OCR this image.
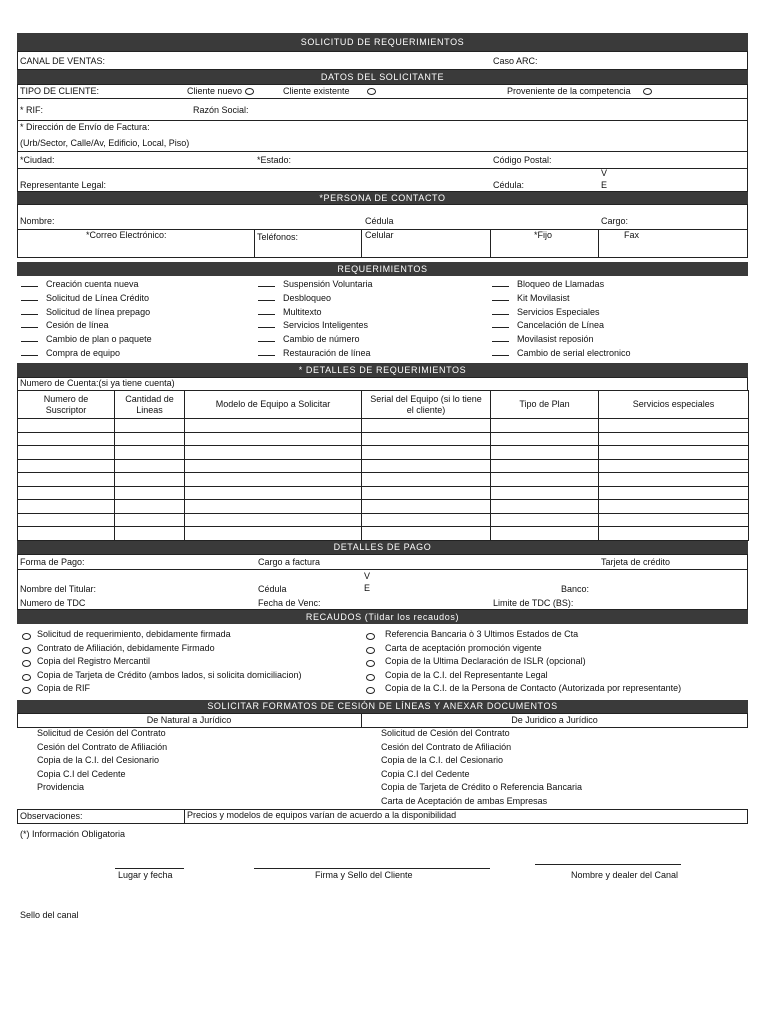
SOLICITUD DE REQUERIMIENTOS
CANAL DE VENTAS:	Caso ARC:
DATOS DEL SOLICITANTE
TIPO DE CLIENTE:	Cliente nuevo	Cliente existente	Proveniente de la competencia
* RIF:	Razón Social:
* Dirección de Envío de Factura:
(Urb/Sector, Calle/Av, Edificio, Local, Piso)
*Ciudad:	*Estado:	Código Postal:
Representante Legal:	Cédula:
V
E
*PERSONA DE CONTACTO
Nombre:	Cédula	Cargo:
*Correo Electrónico:	Teléfonos:	Celular	*Fijo	Fax
REQUERIMIENTOS
Creación cuenta nueva
Solicitud de Línea Crédito
Solicitud de línea prepago
Cesión de línea
Cambio de plan o paquete
Compra de equipo
Suspensión Voluntaria
Desbloqueo
Multitexto
Servicios Inteligentes
Cambio de número
Restauración de línea
Bloqueo de Llamadas
Kit Movilasist
Servicios Especiales
Cancelación de Línea
Movilasist reposión
Cambio de serial electronico
* DETALLES DE REQUERIMIENTOS
Numero de Cuenta:(si ya tiene cuenta)
Numero de Suscriptor	Cantidad de Lineas	Modelo de Equipo a Solicitar	Serial del Equipo (si lo tiene el cliente)	Tipo de Plan	Servicios especiales

DETALLES DE PAGO
Forma de Pago:	Cargo a factura	Tarjeta de crédito
V
E
Nombre del Titular:	Cédula	Banco:
Numero de TDC	Fecha de Venc:	Limite de TDC (BS):
RECAUDOS (Tildar los recaudos)
Solicitud de requerimiento, debidamente firmada
Contrato de Afiliación, debidamente Firmado
Copia del Registro Mercantil
Copia de Tarjeta de Crédito (ambos lados, si solicita domiciliacion)
Copia de RIF
Referencia Bancaria ò 3 Ultimos Estados de Cta
Carta de aceptación promoción vigente
Copia de la Ultima Declaración de ISLR (opcional)
Copia de la C.I. del Representante Legal
Copia de la C.I. de la Persona de Contacto (Autorizada por representante)
SOLICITAR FORMATOS DE CESIÓN DE LÍNEAS Y ANEXAR DOCUMENTOS
De Natural a Jurídico	De Juridico a Jurídico
Solicitud de Cesión del Contrato
Cesión del Contrato de Afiliación
Copia de la C.I. del Cesionario
Copia C.I del Cedente
Providencia
Solicitud de Cesión del Contrato
Cesión del Contrato de Afiliación
Copia de la C.I. del Cesionario
Copia C.I del Cedente
Copia de Tarjeta de Crédito o Referencia Bancaria
Carta de Aceptación de ambas Empresas
Observaciones:	Precios y modelos de equipos varían de acuerdo a la disponibilidad
(*) Información Obligatoria
Lugar y fecha	Firma y Sello del Cliente	Nombre y dealer del Canal
Sello del canal
